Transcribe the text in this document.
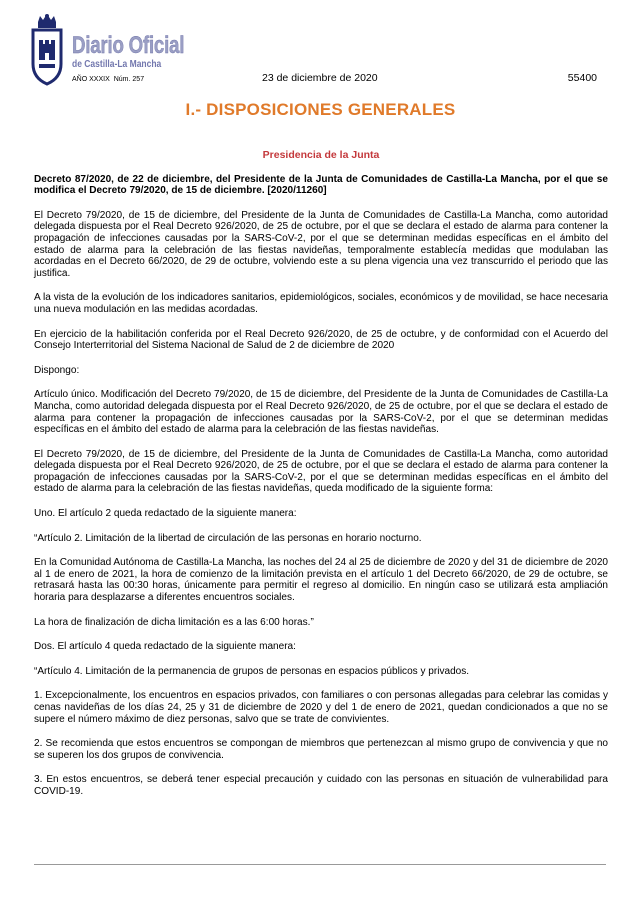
Diario Oficial
de Castilla-La Mancha
AÑO XXXIX Núm. 257	23 de diciembre de 2020	55400
I.- DISPOSICIONES GENERALES
Presidencia de la Junta

Decreto 87/2020, de 22 de diciembre, del Presidente de la Junta de Comunidades de Castilla-La Mancha, por el que se modifica el Decreto 79/2020, de 15 de diciembre. [2020/11260]

El Decreto 79/2020, de 15 de diciembre, del Presidente de la Junta de Comunidades de Castilla-La Mancha, como autoridad delegada dispuesta por el Real Decreto 926/2020, de 25 de octubre, por el que se declara el estado de alarma para contener la propagación de infecciones causadas por la SARS-CoV-2, por el que se determinan medidas específicas en el ámbito del estado de alarma para la celebración de las fiestas navideñas, temporalmente establecía medidas que modulaban las acordadas en el Decreto 66/2020, de 29 de octubre, volviendo este a su plena vigencia una vez transcurrido el periodo que las justifica.

A la vista de la evolución de los indicadores sanitarios, epidemiológicos, sociales, económicos y de movilidad, se hace necesaria una nueva modulación en las medidas acordadas.

En ejercicio de la habilitación conferida por el Real Decreto 926/2020, de 25 de octubre, y de conformidad con el Acuerdo del Consejo Interterritorial del Sistema Nacional de Salud de 2 de diciembre de 2020

Dispongo:

Artículo único. Modificación del Decreto 79/2020, de 15 de diciembre, del Presidente de la Junta de Comunidades de Castilla-La Mancha, como autoridad delegada dispuesta por el Real Decreto 926/2020, de 25 de octubre, por el que se declara el estado de alarma para contener la propagación de infecciones causadas por la SARS-CoV-2, por el que se determinan medidas específicas en el ámbito del estado de alarma para la celebración de las fiestas navideñas.

El Decreto 79/2020, de 15 de diciembre, del Presidente de la Junta de Comunidades de Castilla-La Mancha, como autoridad delegada dispuesta por el Real Decreto 926/2020, de 25 de octubre, por el que se declara el estado de alarma para contener la propagación de infecciones causadas por la SARS-CoV-2, por el que se determinan medidas específicas en el ámbito del estado de alarma para la celebración de las fiestas navideñas, queda modificado de la siguiente forma:

Uno. El artículo 2 queda redactado de la siguiente manera:

“Artículo 2. Limitación de la libertad de circulación de las personas en horario nocturno.

En la Comunidad Autónoma de Castilla-La Mancha, las noches del 24 al 25 de diciembre de 2020 y del 31 de diciembre de 2020 al 1 de enero de 2021, la hora de comienzo de la limitación prevista en el artículo 1 del Decreto 66/2020, de 29 de octubre, se retrasará hasta las 00:30 horas, únicamente para permitir el regreso al domicilio. En ningún caso se utilizará esta ampliación horaria para desplazarse a diferentes encuentros sociales.

La hora de finalización de dicha limitación es a las 6:00 horas.”

Dos. El artículo 4 queda redactado de la siguiente manera:

“Artículo 4. Limitación de la permanencia de grupos de personas en espacios públicos y privados.

1. Excepcionalmente, los encuentros en espacios privados, con familiares o con personas allegadas para celebrar las comidas y cenas navideñas de los días 24, 25 y 31 de diciembre de 2020 y del 1 de enero de 2021, quedan condicionados a que no se supere el número máximo de diez personas, salvo que se trate de convivientes.

2. Se recomienda que estos encuentros se compongan de miembros que pertenezcan al mismo grupo de convivencia y que no se superen los dos grupos de convivencia.

3. En estos encuentros, se deberá tener especial precaución y cuidado con las personas en situación de vulnerabilidad para COVID-19.
